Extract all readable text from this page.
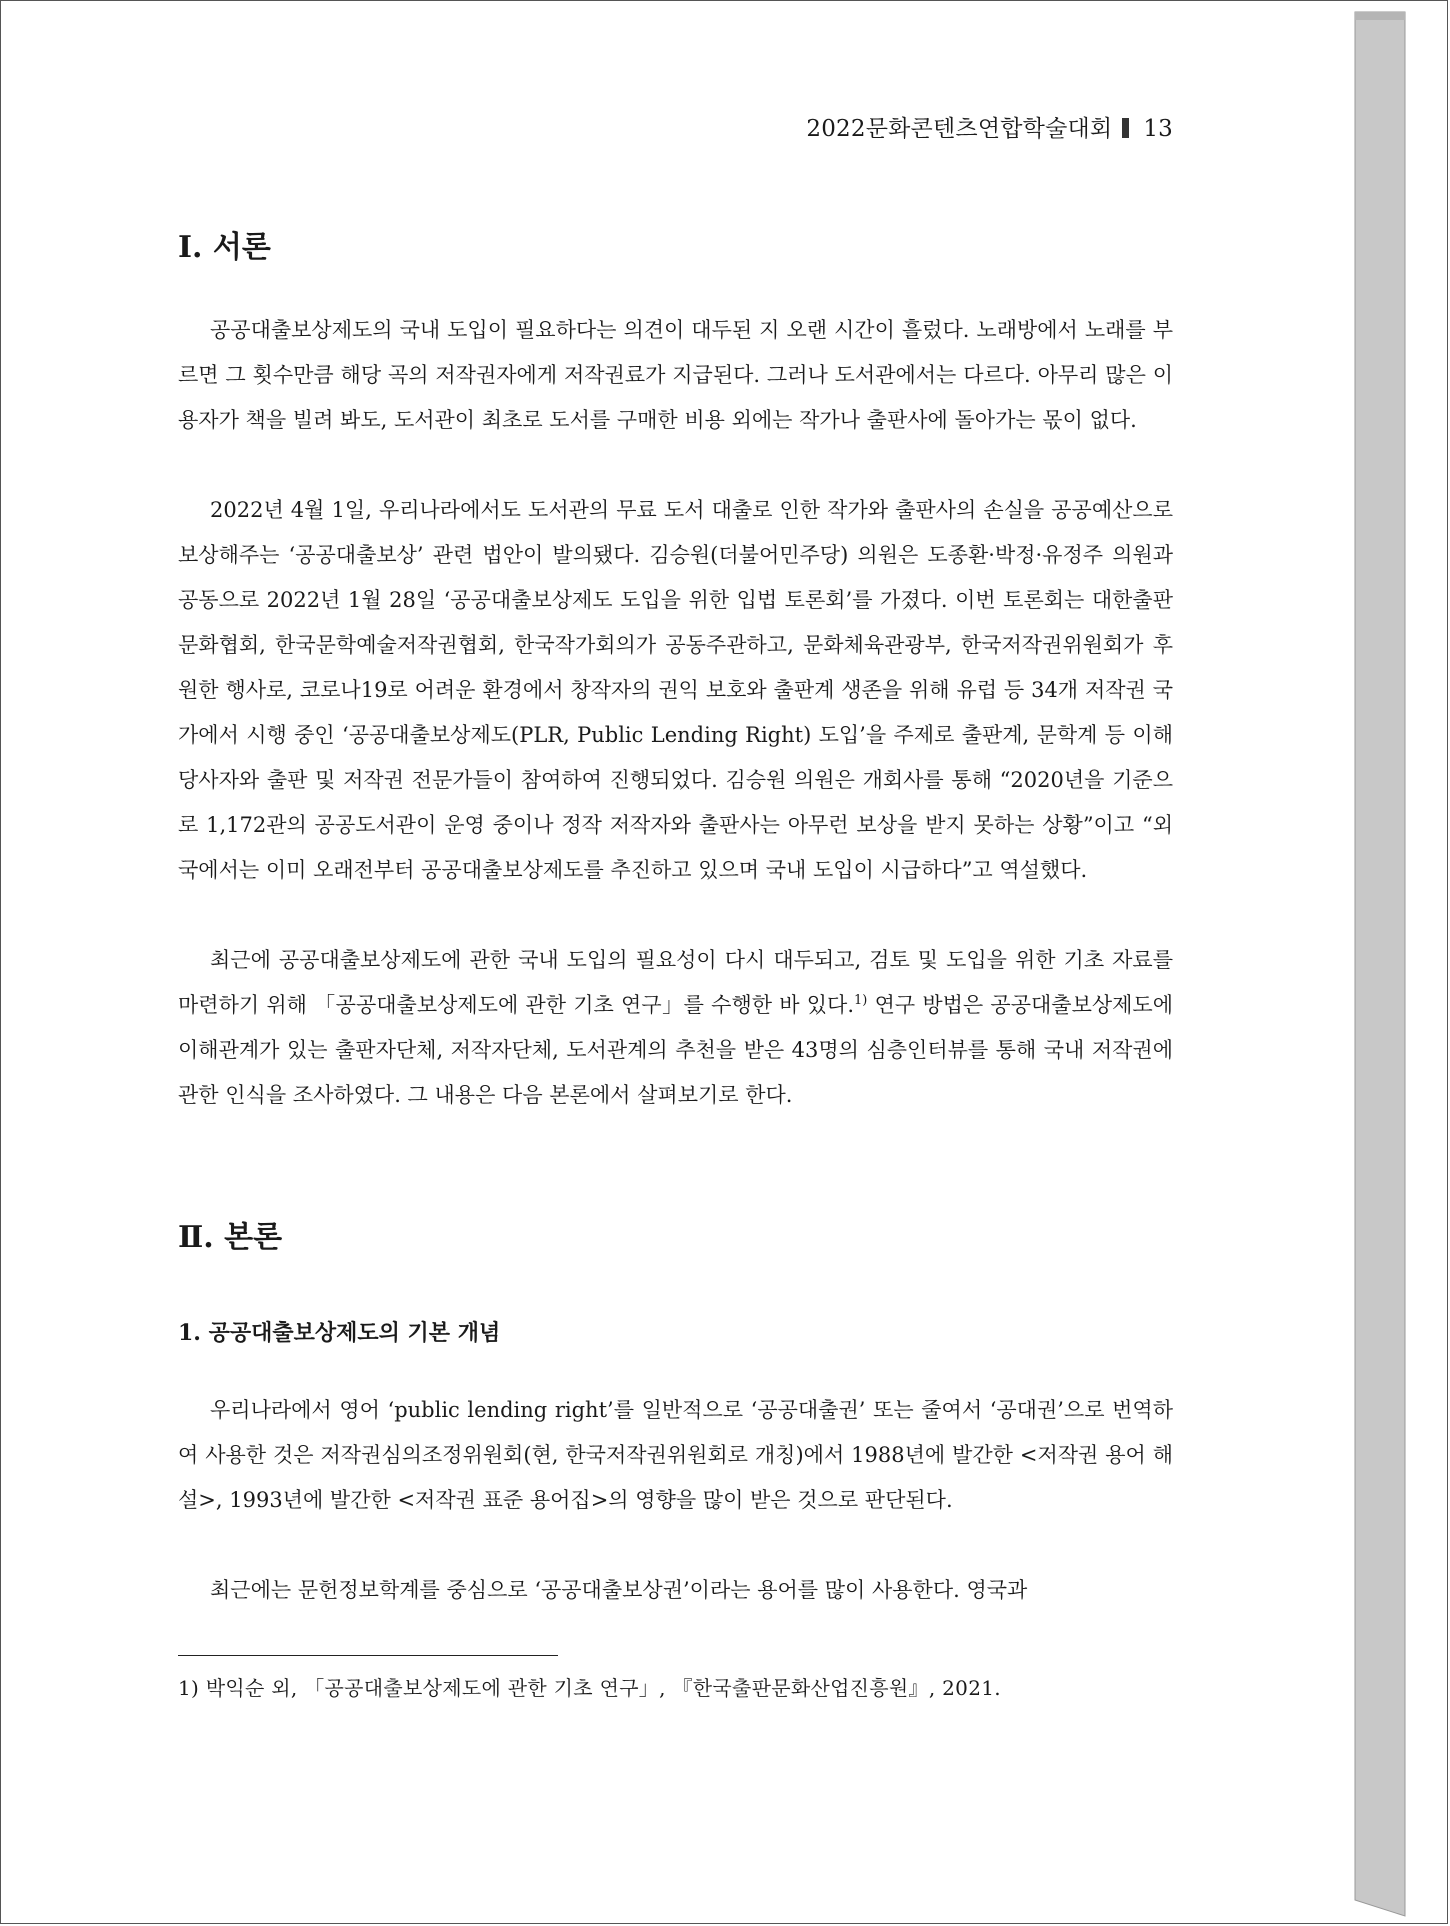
2022문화콘텐츠연합학술대회 13
Ⅰ. 서론

공공대출보상제도의 국내 도입이 필요하다는 의견이 대두된 지 오랜 시간이 흘렀다. 노래방에서 노래를 부르면 그 횟수만큼 해당 곡의 저작권자에게 저작권료가 지급된다. 그러나 도서관에서는 다르다. 아무리 많은 이용자가 책을 빌려 봐도, 도서관이 최초로 도서를 구매한 비용 외에는 작가나 출판사에 돌아가는 몫이 없다.

2022년 4월 1일, 우리나라에서도 도서관의 무료 도서 대출로 인한 작가와 출판사의 손실을 공공예산으로 보상해주는 ‘공공대출보상’ 관련 법안이 발의됐다. 김승원(더불어민주당) 의원은 도종환·박정·유정주 의원과 공동으로 2022년 1월 28일 ‘공공대출보상제도 도입을 위한 입법 토론회’를 가졌다. 이번 토론회는 대한출판문화협회, 한국문학예술저작권협회, 한국작가회의가 공동주관하고, 문화체육관광부, 한국저작권위원회가 후원한 행사로, 코로나19로 어려운 환경에서 창작자의 권익 보호와 출판계 생존을 위해 유럽 등 34개 저작권 국가에서 시행 중인 ‘공공대출보상제도(PLR, Public Lending Right) 도입’을 주제로 출판계, 문학계 등 이해당사자와 출판 및 저작권 전문가들이 참여하여 진행되었다. 김승원 의원은 개회사를 통해 “2020년을 기준으로 1,172관의 공공도서관이 운영 중이나 정작 저작자와 출판사는 아무런 보상을 받지 못하는 상황”이고 “외국에서는 이미 오래전부터 공공대출보상제도를 추진하고 있으며 국내 도입이 시급하다”고 역설했다.

최근에 공공대출보상제도에 관한 국내 도입의 필요성이 다시 대두되고, 검토 및 도입을 위한 기초 자료를 마련하기 위해 「공공대출보상제도에 관한 기초 연구」를 수행한 바 있다.$^{1)}$ 연구 방법은 공공대출보상제도에 이해관계가 있는 출판자단체, 저작자단체, 도서관계의 추천을 받은 43명의 심층인터뷰를 통해 국내 저작권에 관한 인식을 조사하였다. 그 내용은 다음 본론에서 살펴보기로 한다.

Ⅱ. 본론
1. 공공대출보상제도의 기본 개념

우리나라에서 영어 ‘public lending right’를 일반적으로 ‘공공대출권’ 또는 줄여서 ‘공대권’으로 번역하여 사용한 것은 저작권심의조정위원회(현, 한국저작권위원회로 개칭)에서 1988년에 발간한 <저작권 용어 해설>, 1993년에 발간한 <저작권 표준 용어집>의 영향을 많이 받은 것으로 판단된다.

최근에는 문헌정보학계를 중심으로 ‘공공대출보상권’이라는 용어를 많이 사용한다. 영국과

1) 박익순 외, 「공공대출보상제도에 관한 기초 연구」, 『한국출판문화산업진흥원』, 2021.
